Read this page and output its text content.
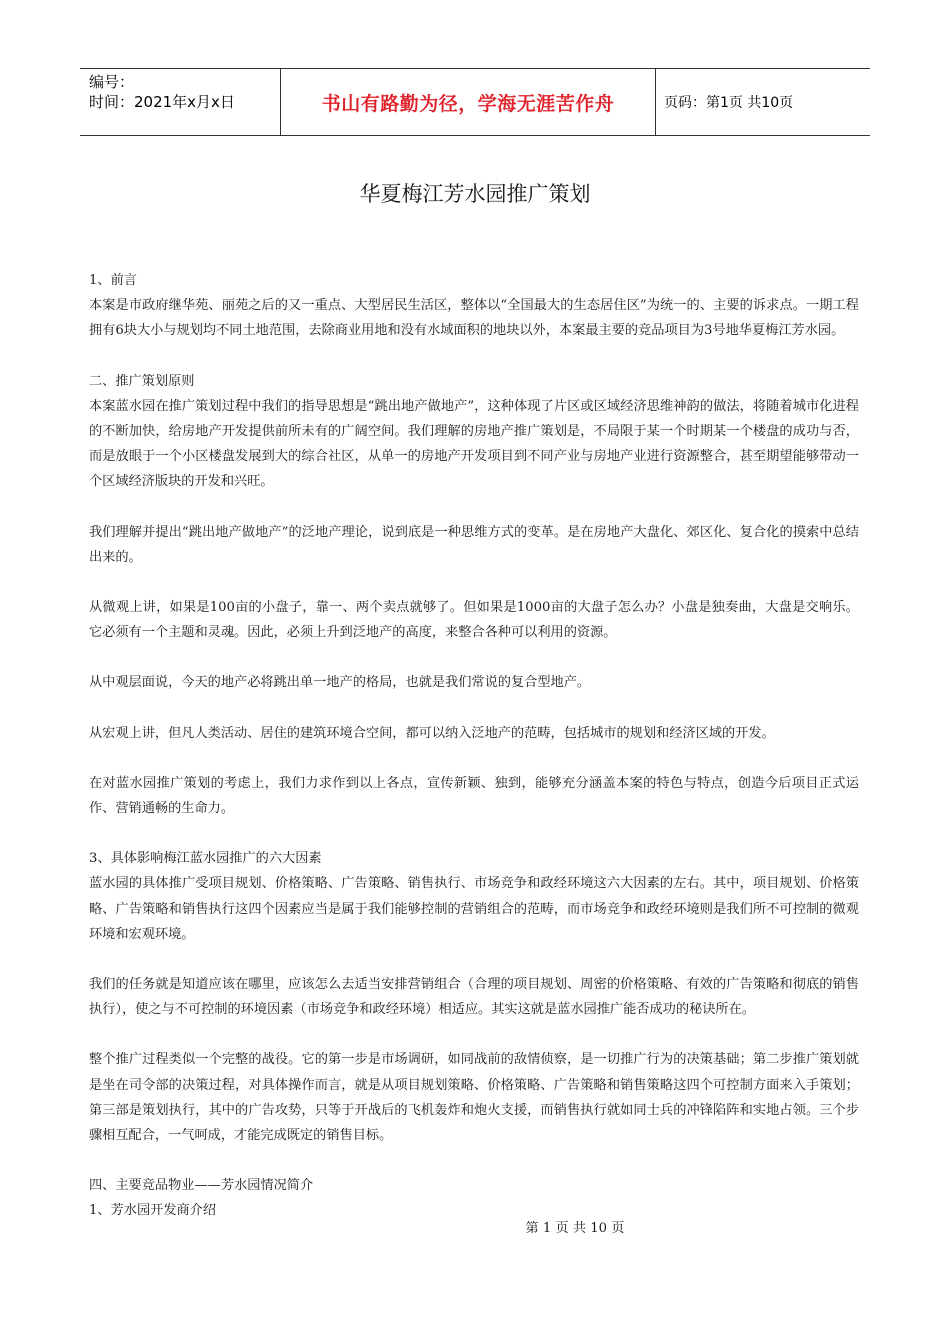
编号：
时间：2021年x月x日	书山有路勤为径，学海无涯苦作舟	页码：第1页 共10页
华夏梅江芳水园推广策划

1、前言

本案是市政府继华苑、丽苑之后的又一重点、大型居民生活区，整体以“全国最大的生态居住区”为统一的、主要的诉求点。一期工程拥有6块大小与规划均不同土地范围，去除商业用地和没有水域面积的地块以外，本案最主要的竞品项目为3号地华夏梅江芳水园。

二、推广策划原则

本案蓝水园在推广策划过程中我们的指导思想是“跳出地产做地产”，这种体现了片区或区域经济思维神韵的做法，将随着城市化进程的不断加快，给房地产开发提供前所未有的广阔空间。我们理解的房地产推广策划是，不局限于某一个时期某一个楼盘的成功与否，而是放眼于一个小区楼盘发展到大的综合社区，从单一的房地产开发项目到不同产业与房地产业进行资源整合，甚至期望能够带动一个区域经济版块的开发和兴旺。

我们理解并提出“跳出地产做地产”的泛地产理论，说到底是一种思维方式的变革。是在房地产大盘化、郊区化、复合化的摸索中总结出来的。

从微观上讲，如果是100亩的小盘子，靠一、两个卖点就够了。但如果是1000亩的大盘子怎么办？小盘是独奏曲，大盘是交响乐。它必须有一个主题和灵魂。因此，必须上升到泛地产的高度，来整合各种可以利用的资源。

从中观层面说，今天的地产必将跳出单一地产的格局，也就是我们常说的复合型地产。

从宏观上讲，但凡人类活动、居住的建筑环境合空间，都可以纳入泛地产的范畴，包括城市的规划和经济区域的开发。

在对蓝水园推广策划的考虑上，我们力求作到以上各点，宣传新颖、独到，能够充分涵盖本案的特色与特点，创造今后项目正式运作、营销通畅的生命力。

3、具体影响梅江蓝水园推广的六大因素

蓝水园的具体推广受项目规划、价格策略、广告策略、销售执行、市场竞争和政经环境这六大因素的左右。其中，项目规划、价格策略、广告策略和销售执行这四个因素应当是属于我们能够控制的营销组合的范畴，而市场竞争和政经环境则是我们所不可控制的微观环境和宏观环境。

我们的任务就是知道应该在哪里，应该怎么去适当安排营销组合（合理的项目规划、周密的价格策略、有效的广告策略和彻底的销售执行），使之与不可控制的环境因素（市场竞争和政经环境）相适应。其实这就是蓝水园推广能否成功的秘诀所在。

整个推广过程类似一个完整的战役。它的第一步是市场调研，如同战前的敌情侦察，是一切推广行为的决策基础；第二步推广策划就是坐在司令部的决策过程，对具体操作而言，就是从项目规划策略、价格策略、广告策略和销售策略这四个可控制方面来入手策划；第三部是策划执行，其中的广告攻势，只等于开战后的飞机轰炸和炮火支援，而销售执行就如同士兵的冲锋陷阵和实地占领。三个步骤相互配合，一气呵成，才能完成既定的销售目标。

四、主要竞品物业——芳水园情况简介

1、芳水园开发商介绍

第 1 页 共 10 页
